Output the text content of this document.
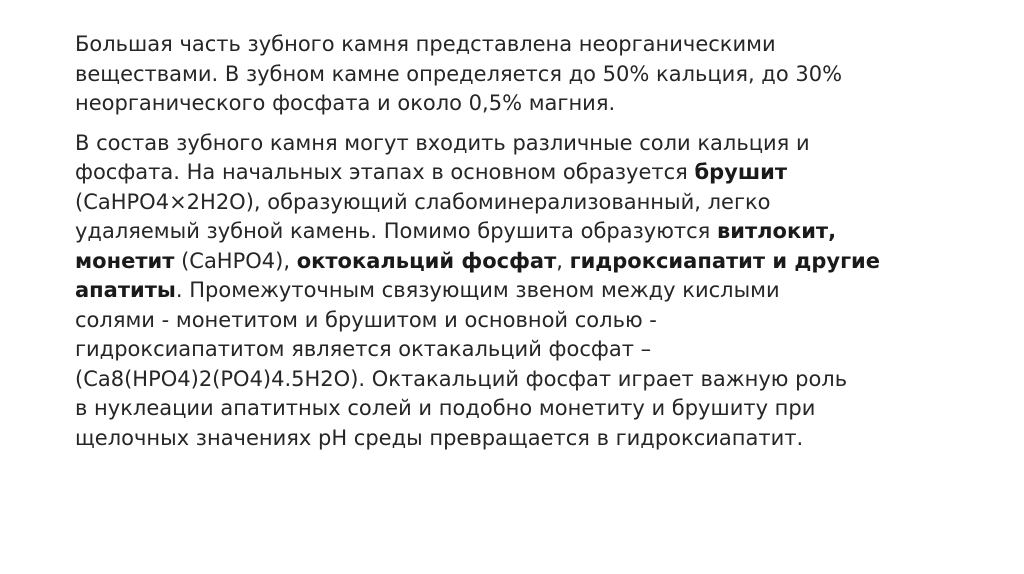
Большая часть зубного камня представлена неорганическими
веществами. В зубном камне определяется до 50% кальция, до 30%
неорганического фосфата и около 0,5% магния.

В состав зубного камня могут входить различные соли кальция и
фосфата. На начальных этапах в основном образуется брушит
(CaHPO4×2H2O), образующий слабоминерализованный, легко
удаляемый зубной камень. Помимо брушита образуются витлокит,
монетит (CaHPO4), октокальций фосфат, гидроксиапатит и другие
апатиты. Промежуточным связующим звеном между кислыми
солями - монетитом и брушитом и основной солью -
гидроксиапатитом является октакальций фосфат –
(Ca8(HPO4)2(PO4)4.5H2O). Октакальций фосфат играет важную роль
в нуклеации апатитных солей и подобно монетиту и брушиту при
щелочных значениях pH среды превращается в гидроксиапатит.
